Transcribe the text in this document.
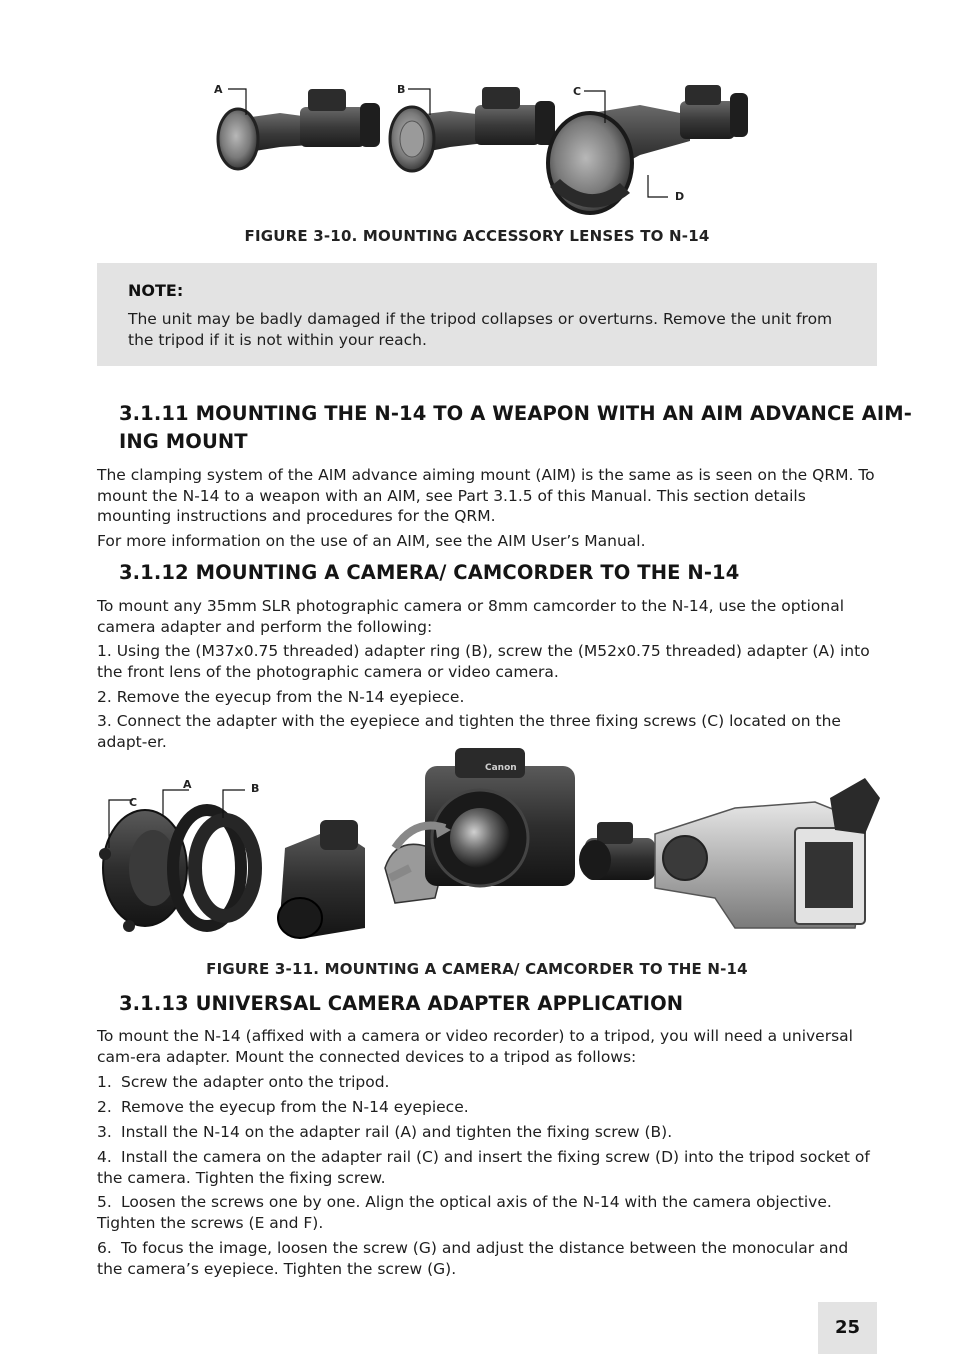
A	B	C
D
FIGURE 3-10. MOUNTING ACCESSORY LENSES TO N-14
NOTE:
The unit may be badly damaged if the tripod collapses or overturns. Remove the unit from the tripod if it is not within your reach.
3.1.11 MOUNTING THE N-14 TO A WEAPON WITH AN AIM ADVANCE AIM-
ING MOUNT
The clamping system of the AIM advance aiming mount (AIM) is the same as is seen on the QRM. To mount the N-14 to a weapon with an AIM, see Part 3.1.5 of this Manual. This section details mounting instructions and procedures for the QRM.
For more information on the use of an AIM, see the AIM User’s Manual.
3.1.12 MOUNTING A CAMERA/ CAMCORDER TO THE N-14
To mount any 35mm SLR photographic camera or 8mm camcorder to the N-14, use the optional camera adapter and perform the following:
1. Using the (M37x0.75 threaded) adapter ring (B), screw the (M52x0.75 threaded) adapter (A) into the front lens of the photographic camera or video camera.
2. Remove the eyecup from the N-14 eyepiece.
3. Connect the adapter with the eyepiece and tighten the three fixing screws (C) located on the adapt-er.
Canon
C
A	B
FIGURE 3-11. MOUNTING A CAMERA/ CAMCORDER TO THE N-14
3.1.13 UNIVERSAL CAMERA ADAPTER APPLICATION
To mount the N-14 (affixed with a camera or video recorder) to a tripod, you will need a universal cam-era adapter. Mount the connected devices to a tripod as follows:
1. Screw the adapter onto the tripod.
2. Remove the eyecup from the N-14 eyepiece.
3. Install the N-14 on the adapter rail (A) and tighten the fixing screw (B).
4. Install the camera on the adapter rail (C) and insert the fixing screw (D) into the tripod socket of the camera. Tighten the fixing screw.
5. Loosen the screws one by one. Align the optical axis of the N-14 with the camera objective. Tighten the screws (E and F).
6. To focus the image, loosen the screw (G) and adjust the distance between the monocular and the camera’s eyepiece. Tighten the screw (G).
25
